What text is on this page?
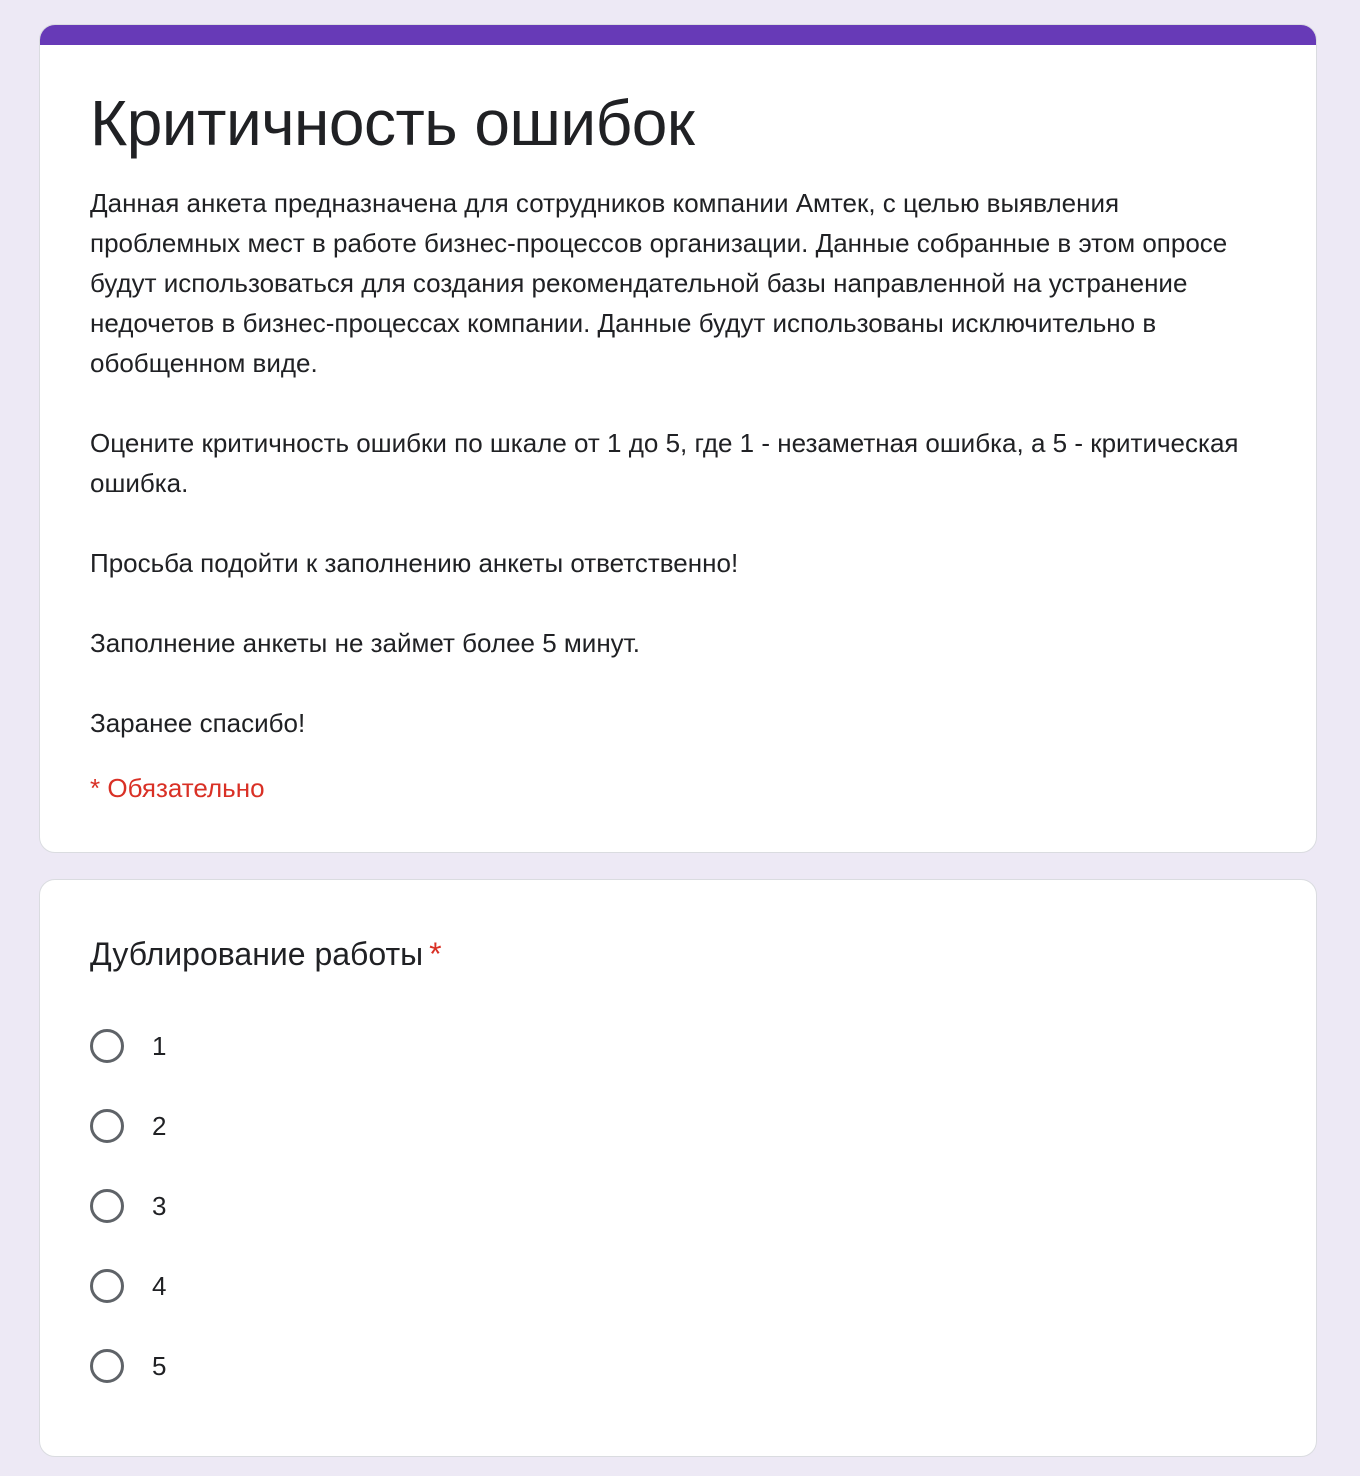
Критичность ошибок

Данная анкета предназначена для сотрудников компании Амтек, с целью выявления проблемных мест в работе бизнес-процессов организации. Данные собранные в этом опросе будут использоваться для создания рекомендательной базы направленной на устранение недочетов в бизнес-процессах компании. Данные будут использованы исключительно в обобщенном виде.

Оцените критичность ошибки по шкале от 1 до 5, где 1 - незаметная ошибка, а 5 - критическая ошибка.

Просьба подойти к заполнению анкеты ответственно!

Заполнение анкеты не займет более 5 минут.

Заранее спасибо!

* Обязательно
Дублирование работы *
1
2
3
4
5
